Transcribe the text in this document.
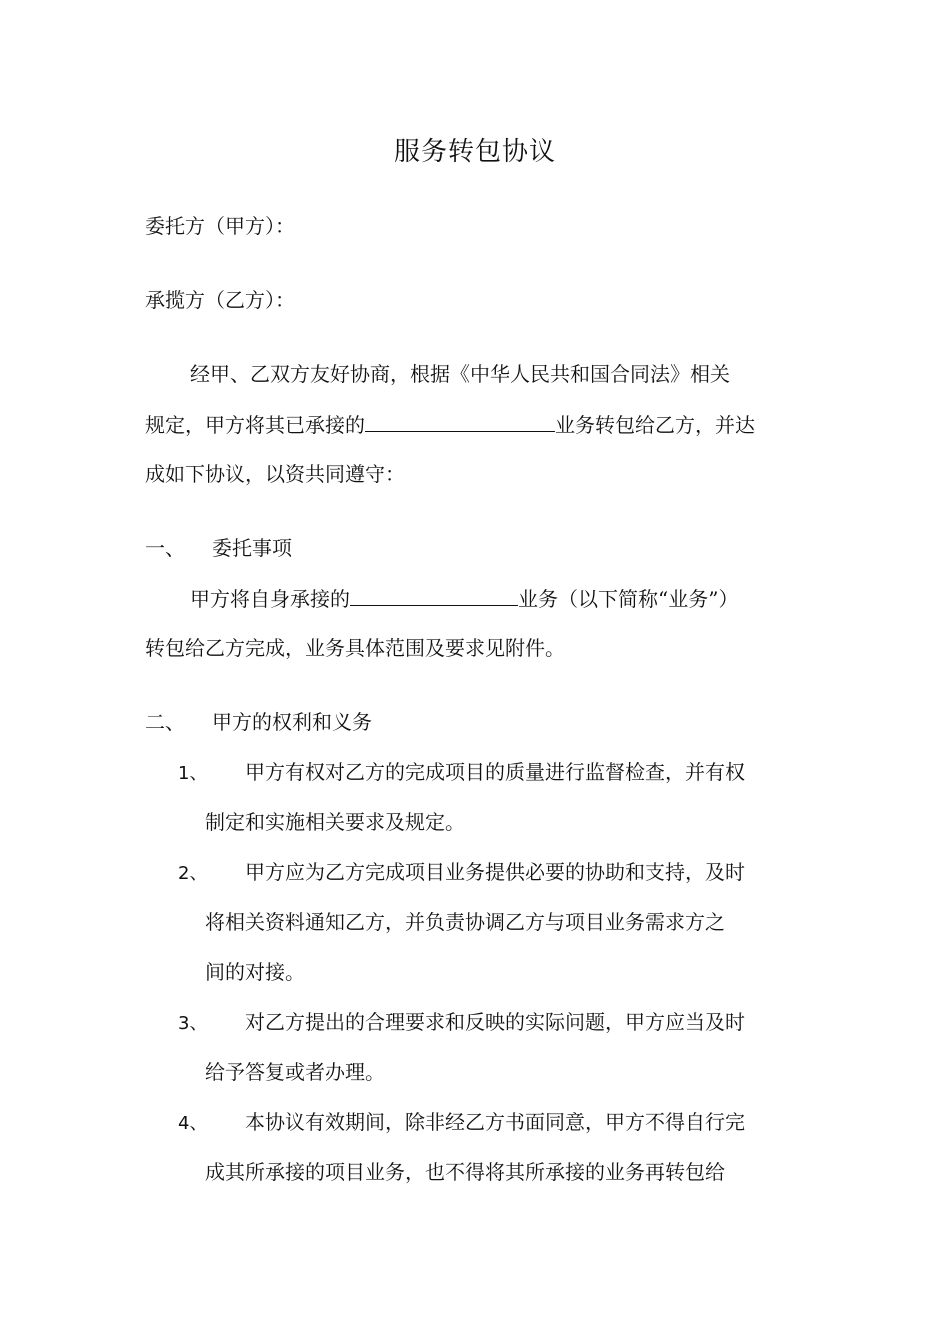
服务转包协议
委托方（甲方）：
承揽方（乙方）：
经甲、乙双方友好协商，根据《中华人民共和国合同法》相关
规定，甲方将其已承接的	业务转包给乙方，并达
成如下协议，以资共同遵守：
一、 委托事项
甲方将自身承接的	业务（以下简称“业务”）
转包给乙方完成，业务具体范围及要求见附件。
二、 甲方的权利和义务
1、 甲方有权对乙方的完成项目的质量进行监督检查，并有权
制定和实施相关要求及规定。
2、 甲方应为乙方完成项目业务提供必要的协助和支持，及时
将相关资料通知乙方，并负责协调乙方与项目业务需求方之
间的对接。
3、 对乙方提出的合理要求和反映的实际问题，甲方应当及时
给予答复或者办理。
4、 本协议有效期间，除非经乙方书面同意，甲方不得自行完
成其所承接的项目业务，也不得将其所承接的业务再转包给
